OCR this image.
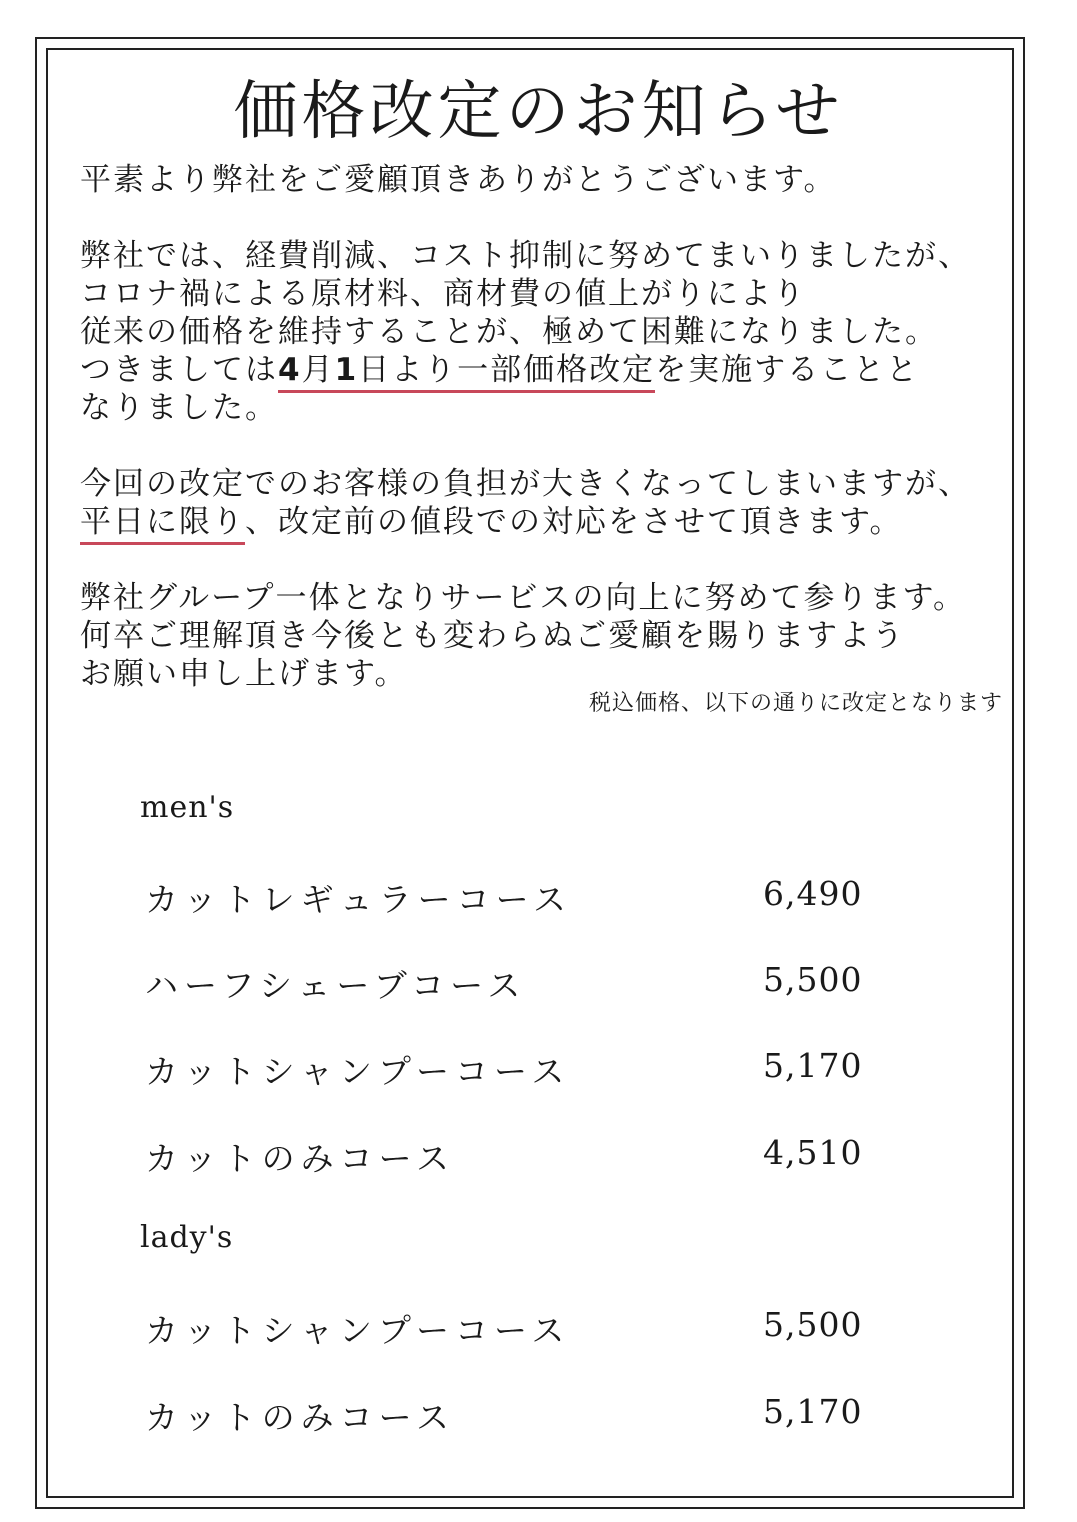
価格改定のお知らせ
平素より弊社をご愛顧頂きありがとうございます。
弊社では、経費削減、コスト抑制に努めてまいりましたが、
コロナ禍による原材料、商材費の値上がりにより
従来の価格を維持することが、極めて困難になりました。
つきましては4月1日より一部価格改定を実施することと
なりました。
今回の改定でのお客様の負担が大きくなってしまいますが、
平日に限り、改定前の値段での対応をさせて頂きます。
弊社グループ一体となりサービスの向上に努めて参ります。
何卒ご理解頂き今後とも変わらぬご愛顧を賜りますよう
お願い申し上げます。
税込価格、以下の通りに改定となります
men's
カットレギュラーコース	6,490
ハーフシェーブコース	5,500
カットシャンプーコース	5,170
カットのみコース	4,510
lady's
カットシャンプーコース	5,500
カットのみコース	5,170
